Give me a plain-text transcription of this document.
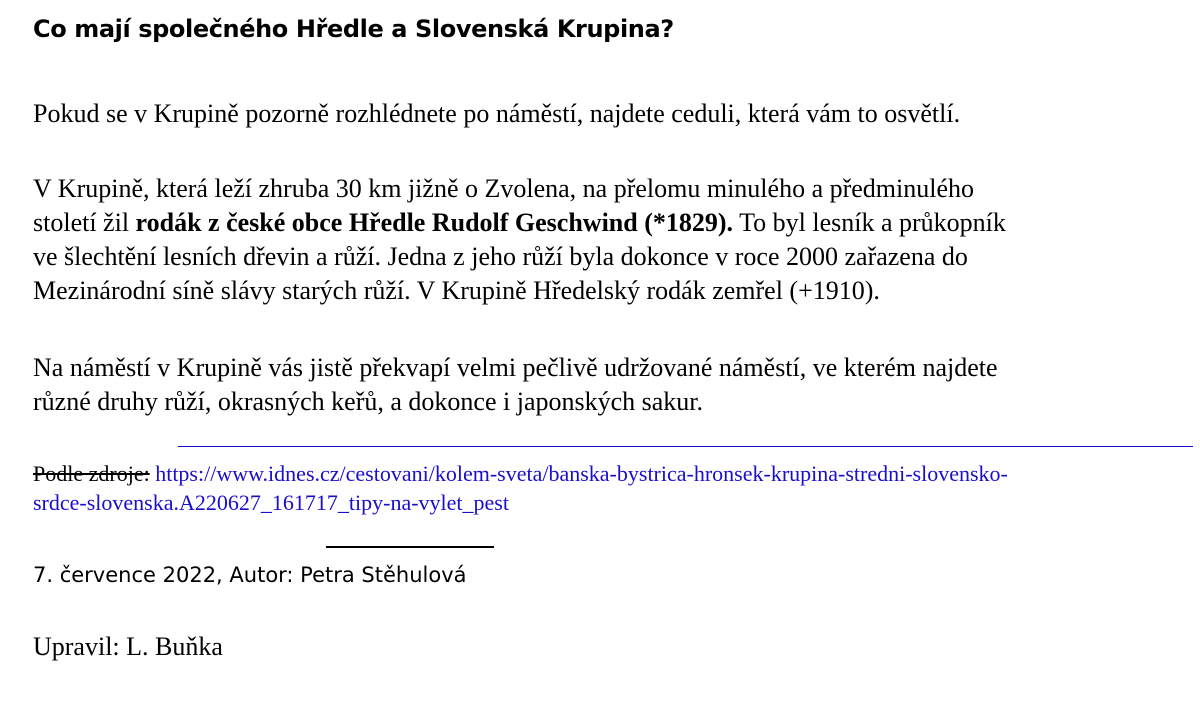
Co mají společného Hředle a Slovenská Krupina?

Pokud se v Krupině pozorně rozhlédnete po náměstí, najdete ceduli, která vám to osvětlí.

V Krupině, která leží zhruba 30 km jižně o Zvolena, na přelomu minulého a předminulého
století žil rodák z české obce Hředle Rudolf Geschwind (*1829). To byl lesník a průkopník
ve šlechtění lesních dřevin a růží. Jedna z jeho růží byla dokonce v roce 2000 zařazena do
Mezinárodní síně slávy starých růží. V Krupině Hředelský rodák zemřel (+1910).

Na náměstí v Krupině vás jistě překvapí velmi pečlivě udržované náměstí, ve kterém najdete
různé druhy růží, okrasných keřů, a dokonce i japonských sakur.

Podle zdroje: https://www.idnes.cz/cestovani/kolem-sveta/banska-bystrica-hronsek-krupina-stredni-slovensko-
srdce-slovenska.A220627_161717_tipy-na-vylet_pest

7. července 2022, Autor: Petra Stěhulová

Upravil: L. Buňka
